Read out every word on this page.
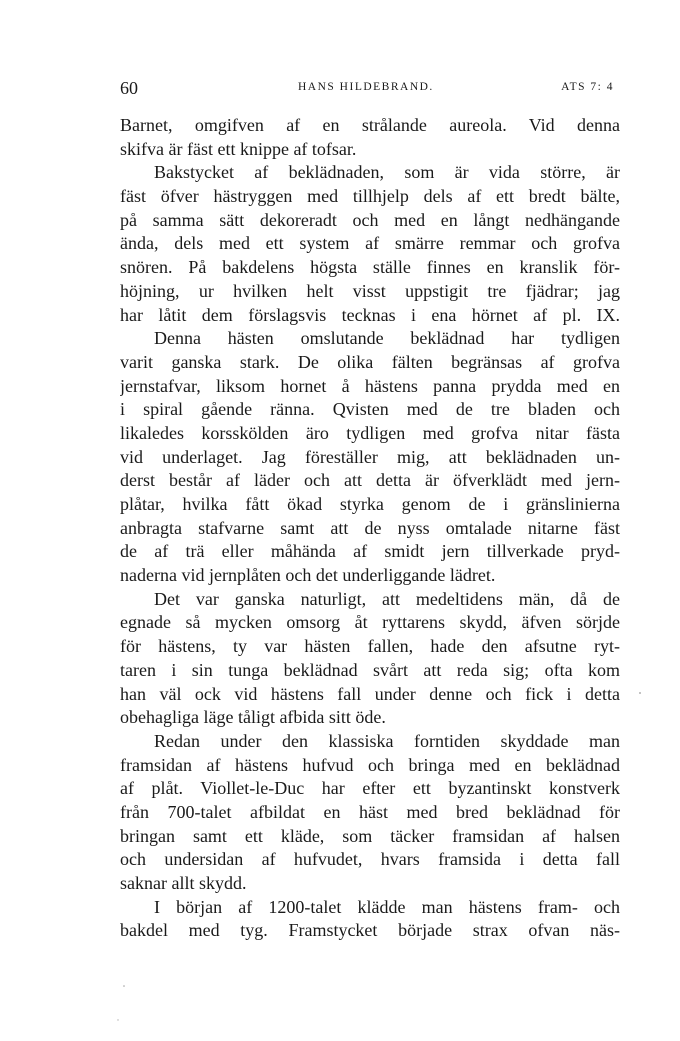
60	HANS HILDEBRAND.	ATS 7: 4
Barnet, omgifven af en strålande aureola. Vid denna
skifva är fäst ett knippe af tofsar.
Bakstycket af beklädnaden, som är vida större, är
fäst öfver hästryggen med tillhjelp dels af ett bredt bälte,
på samma sätt dekoreradt och med en långt nedhängande
ända, dels med ett system af smärre remmar och grofva
snören. På bakdelens högsta ställe finnes en kranslik för-
höjning, ur hvilken helt visst uppstigit tre fjädrar; jag
har låtit dem förslagsvis tecknas i ena hörnet af pl. IX.
Denna hästen omslutande beklädnad har tydligen
varit ganska stark. De olika fälten begränsas af grofva
jernstafvar, liksom hornet å hästens panna prydda med en
i spiral gående ränna. Qvisten med de tre bladen och
likaledes korsskölden äro tydligen med grofva nitar fästa
vid underlaget. Jag föreställer mig, att beklädnaden un-
derst består af läder och att detta är öfverklädt med jern-
plåtar, hvilka fått ökad styrka genom de i gränslinierna
anbragta stafvarne samt att de nyss omtalade nitarne fäst
de af trä eller måhända af smidt jern tillverkade pryd-
naderna vid jernplåten och det underliggande lädret.
Det var ganska naturligt, att medeltidens män, då de
egnade så mycken omsorg åt ryttarens skydd, äfven sörjde
för hästens, ty var hästen fallen, hade den afsutne ryt-
taren i sin tunga beklädnad svårt att reda sig; ofta kom
han väl ock vid hästens fall under denne och fick i detta
obehagliga läge tåligt afbida sitt öde.
Redan under den klassiska forntiden skyddade man
framsidan af hästens hufvud och bringa med en beklädnad
af plåt. Viollet-le-Duc har efter ett byzantinskt konstverk
från 700-talet afbildat en häst med bred beklädnad för
bringan samt ett kläde, som täcker framsidan af halsen
och undersidan af hufvudet, hvars framsida i detta fall
saknar allt skydd.
I början af 1200-talet klädde man hästens fram- och
bakdel med tyg. Framstycket började strax ofvan näs-
